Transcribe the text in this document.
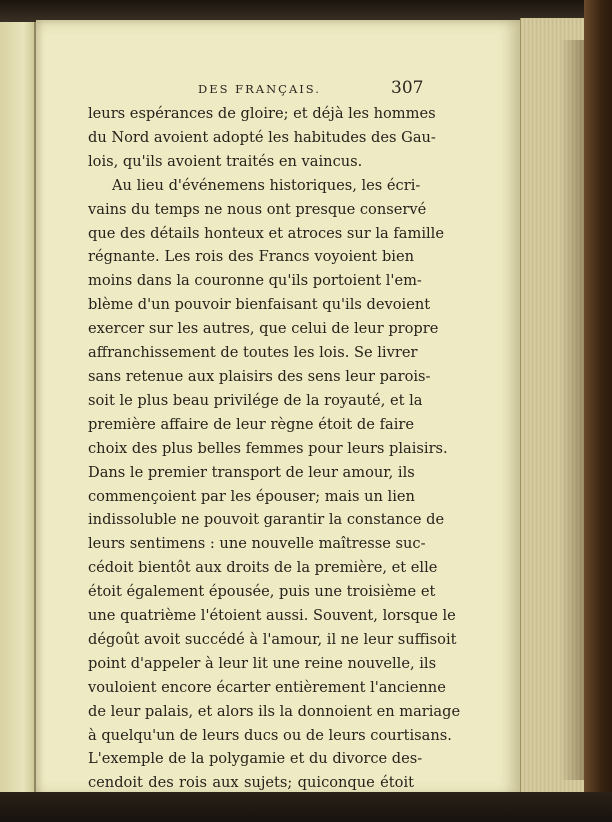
DES FRANÇAIS.	307
leurs espérances de gloire; et déjà les hommes
du Nord avoient adopté les habitudes des Gau-
lois, qu'ils avoient traités en vaincus.
Au lieu d'événemens historiques, les écri-
vains du temps ne nous ont presque conservé
que des détails honteux et atroces sur la famille
régnante. Les rois des Francs voyoient bien
moins dans la couronne qu'ils portoient l'em-
blème d'un pouvoir bienfaisant qu'ils devoient
exercer sur les autres, que celui de leur propre
affranchissement de toutes les lois. Se livrer
sans retenue aux plaisirs des sens leur parois-
soit le plus beau privilége de la royauté, et la
première affaire de leur règne étoit de faire
choix des plus belles femmes pour leurs plaisirs.
Dans le premier transport de leur amour, ils
commençoient par les épouser; mais un lien
indissoluble ne pouvoit garantir la constance de
leurs sentimens : une nouvelle maîtresse suc-
cédoit bientôt aux droits de la première, et elle
étoit également épousée, puis une troisième et
une quatrième l'étoient aussi. Souvent, lorsque le
dégoût avoit succédé à l'amour, il ne leur suffisoit
point d'appeler à leur lit une reine nouvelle, ils
vouloient encore écarter entièrement l'ancienne
de leur palais, et alors ils la donnoient en mariage
à quelqu'un de leurs ducs ou de leurs courtisans.
L'exemple de la polygamie et du divorce des-
cendoit des rois aux sujets; quiconque étoit
